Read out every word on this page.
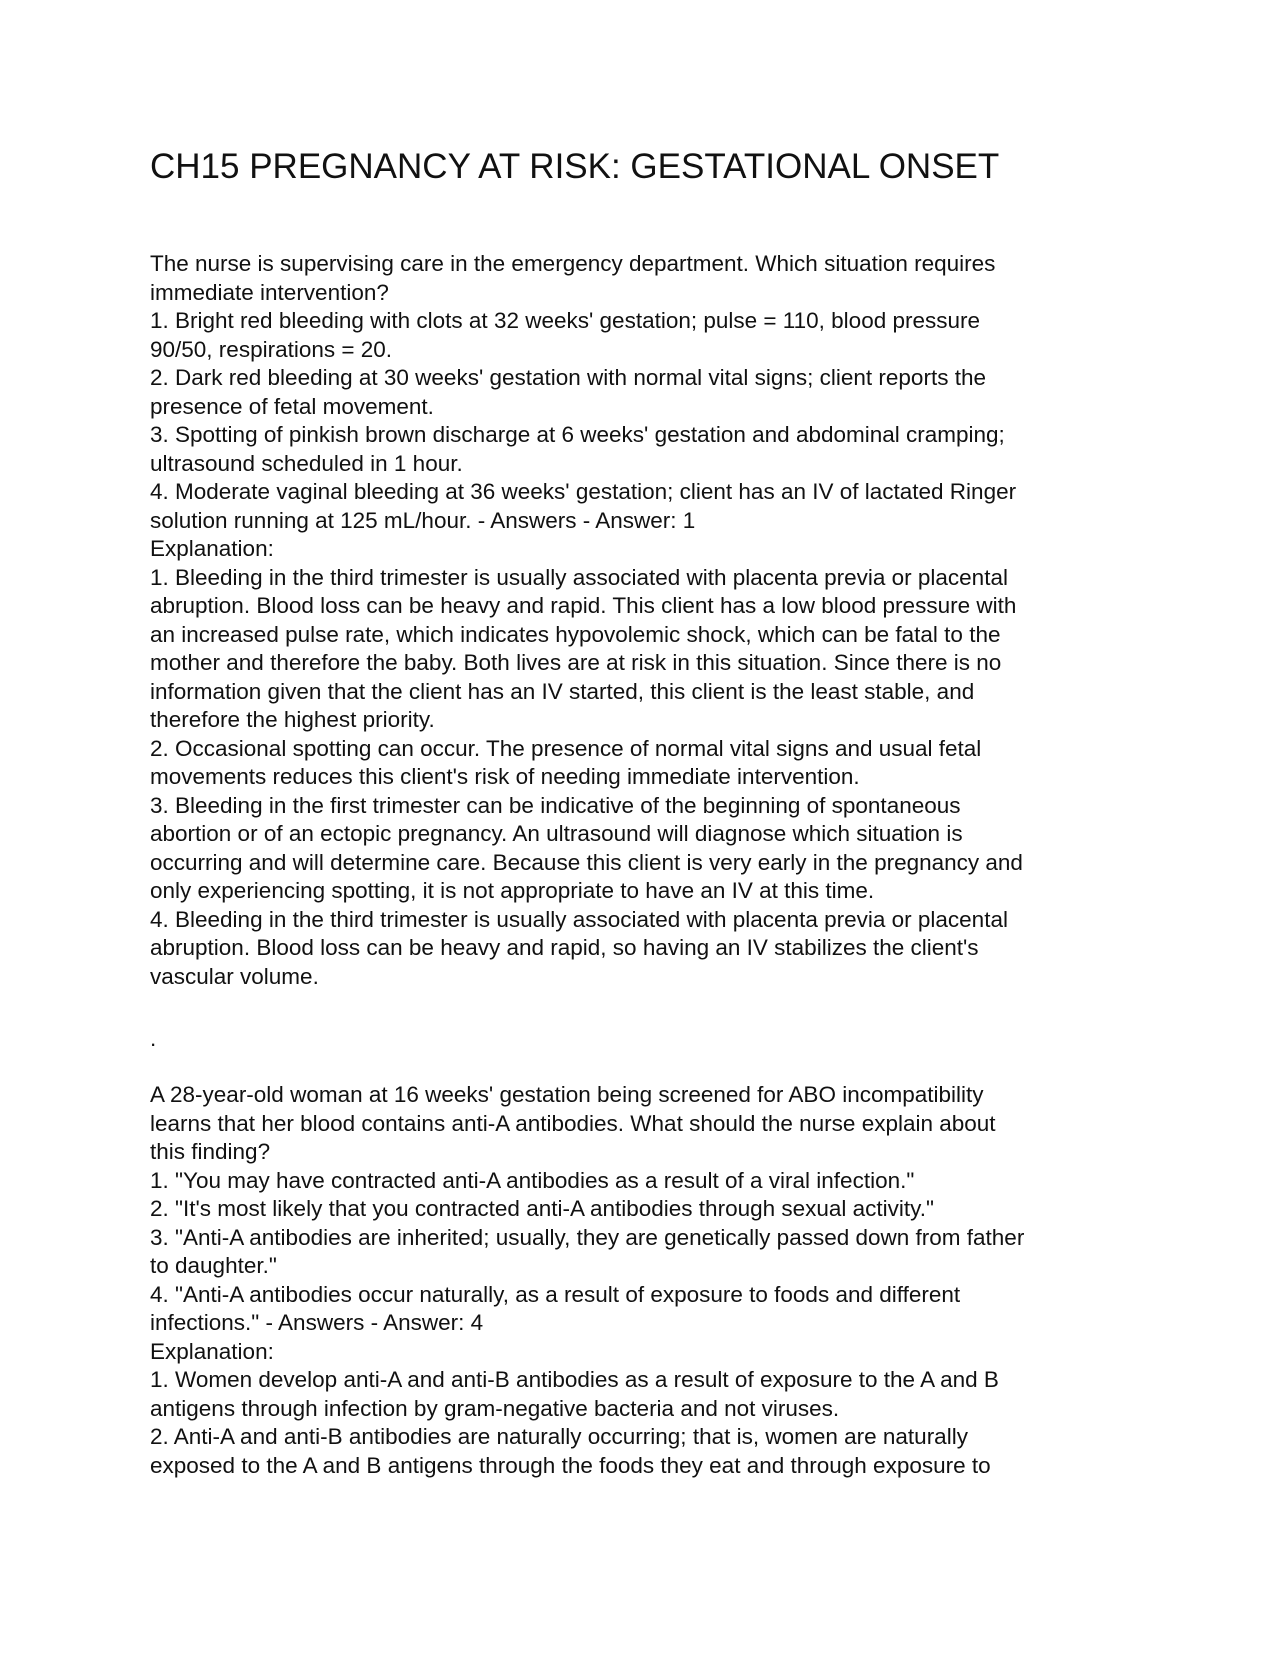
CH15 PREGNANCY AT RISK: GESTATIONAL ONSET
The nurse is supervising care in the emergency department. Which situation requires
immediate intervention?
1. Bright red bleeding with clots at 32 weeks' gestation; pulse = 110, blood pressure
90/50, respirations = 20.
2. Dark red bleeding at 30 weeks' gestation with normal vital signs; client reports the
presence of fetal movement.
3. Spotting of pinkish brown discharge at 6 weeks' gestation and abdominal cramping;
ultrasound scheduled in 1 hour.
4. Moderate vaginal bleeding at 36 weeks' gestation; client has an IV of lactated Ringer
solution running at 125 mL/hour. - Answers - Answer: 1
Explanation:
1. Bleeding in the third trimester is usually associated with placenta previa or placental
abruption. Blood loss can be heavy and rapid. This client has a low blood pressure with
an increased pulse rate, which indicates hypovolemic shock, which can be fatal to the
mother and therefore the baby. Both lives are at risk in this situation. Since there is no
information given that the client has an IV started, this client is the least stable, and
therefore the highest priority.
2. Occasional spotting can occur. The presence of normal vital signs and usual fetal
movements reduces this client's risk of needing immediate intervention.
3. Bleeding in the first trimester can be indicative of the beginning of spontaneous
abortion or of an ectopic pregnancy. An ultrasound will diagnose which situation is
occurring and will determine care. Because this client is very early in the pregnancy and
only experiencing spotting, it is not appropriate to have an IV at this time.
4. Bleeding in the third trimester is usually associated with placenta previa or placental
abruption. Blood loss can be heavy and rapid, so having an IV stabilizes the client's
vascular volume.
.
A 28-year-old woman at 16 weeks' gestation being screened for ABO incompatibility
learns that her blood contains anti-A antibodies. What should the nurse explain about
this finding?
1. "You may have contracted anti-A antibodies as a result of a viral infection."
2. "It's most likely that you contracted anti-A antibodies through sexual activity."
3. "Anti-A antibodies are inherited; usually, they are genetically passed down from father
to daughter."
4. "Anti-A antibodies occur naturally, as a result of exposure to foods and different
infections." - Answers - Answer: 4
Explanation:
1. Women develop anti-A and anti-B antibodies as a result of exposure to the A and B
antigens through infection by gram-negative bacteria and not viruses.
2. Anti-A and anti-B antibodies are naturally occurring; that is, women are naturally
exposed to the A and B antigens through the foods they eat and through exposure to
